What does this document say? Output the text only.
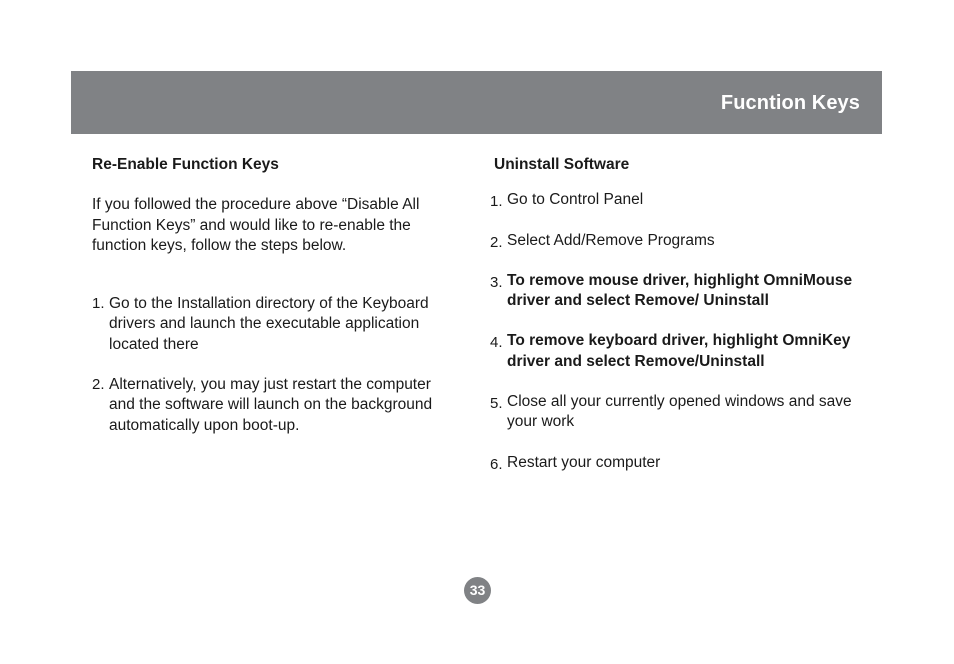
Fucntion Keys

Re-Enable Function Keys

If you followed the procedure above “Disable All Function Keys” and would like to re-enable the function keys, follow the steps below.

1. Go to the Installation directory of the Keyboard drivers and launch the executable application located there
2. Alternatively, you may just restart the computer and the software will launch on the background automatically upon boot-up.

Uninstall Software

1. Go to Control Panel
2. Select Add/Remove Programs
3. To remove mouse driver, highlight OmniMouse driver and select Remove/ Uninstall
4. To remove keyboard driver, highlight OmniKey driver and select Remove/Uninstall
5. Close all your currently opened windows and save your work
6. Restart your computer
33
